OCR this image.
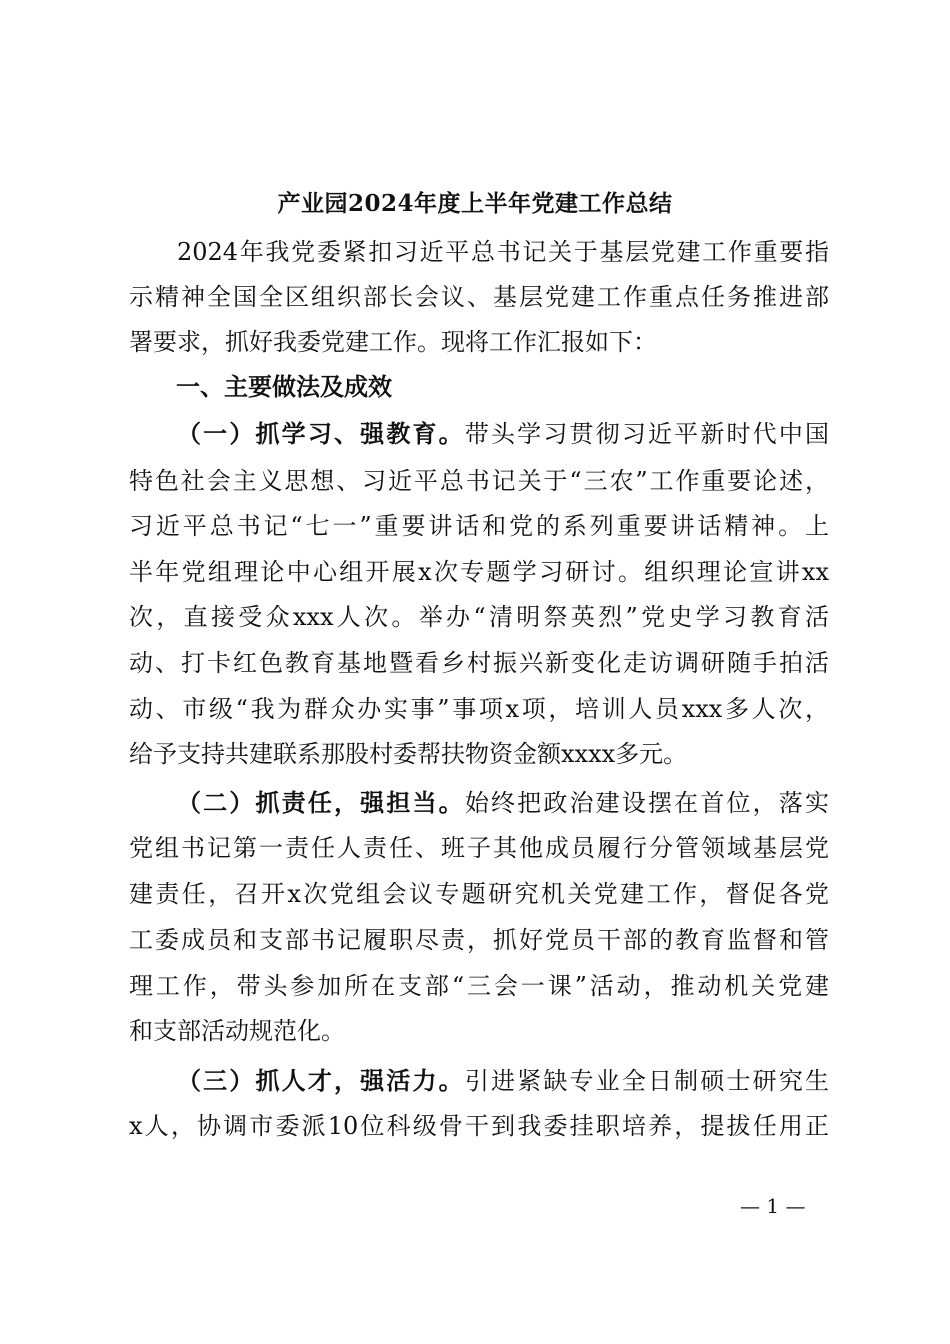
产业园2024年度上半年党建工作总结
2024年我党委紧扣习近平总书记关于基层党建工作重要指
示精神全国全区组织部长会议、基层党建工作重点任务推进部
署要求，抓好我委党建工作。现将工作汇报如下：
一、主要做法及成效
（一）抓学习、强教育。带头学习贯彻习近平新时代中国
特色社会主义思想、习近平总书记关于“三农”工作重要论述，
习近平总书记“七一”重要讲话和党的系列重要讲话精神。上
半年党组理论中心组开展x次专题学习研讨。组织理论宣讲xx
次，直接受众xxx人次。举办“清明祭英烈”党史学习教育活
动、打卡红色教育基地暨看乡村振兴新变化走访调研随手拍活
动、市级“我为群众办实事”事项x项，培训人员xxx多人次，
给予支持共建联系那股村委帮扶物资金额xxxx多元。
（二）抓责任，强担当。始终把政治建设摆在首位，落实
党组书记第一责任人责任、班子其他成员履行分管领域基层党
建责任，召开x次党组会议专题研究机关党建工作，督促各党
工委成员和支部书记履职尽责，抓好党员干部的教育监督和管
理工作，带头参加所在支部“三会一课”活动，推动机关党建
和支部活动规范化。
（三）抓人才，强活力。引进紧缺专业全日制硕士研究生
x人，协调市委派10位科级骨干到我委挂职培养，提拔任用正
— 1 —
